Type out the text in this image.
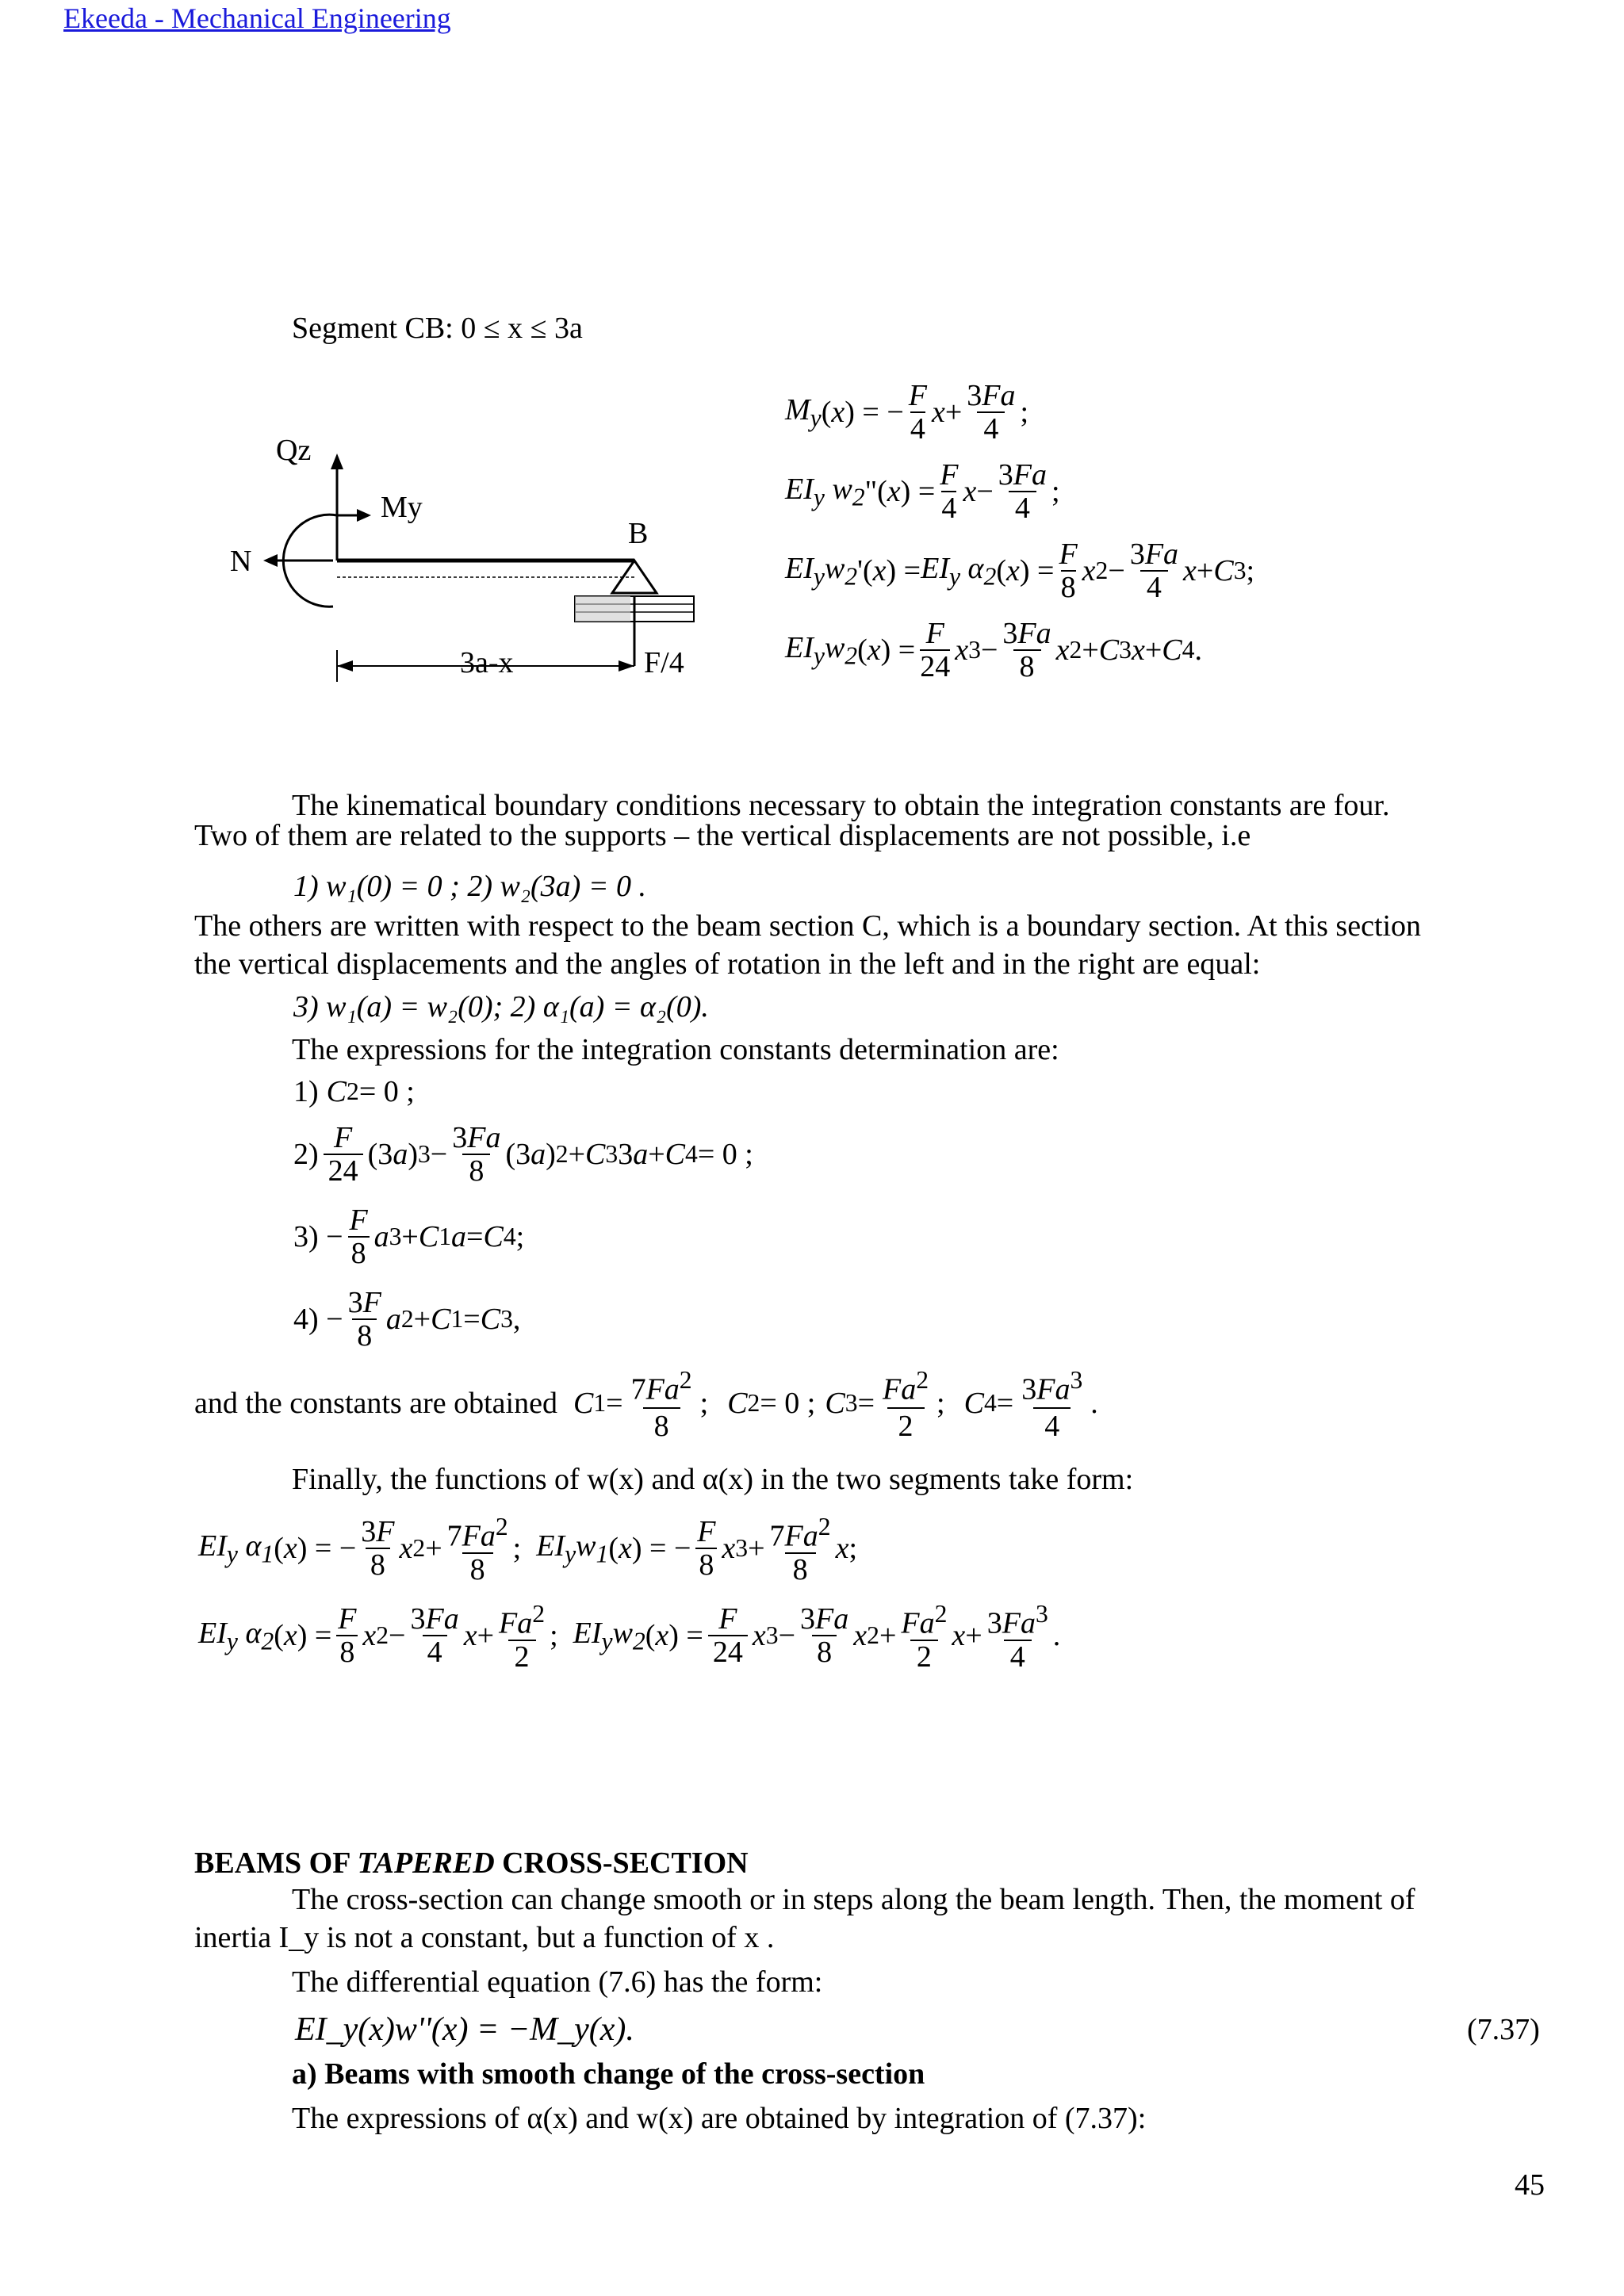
Ekeeda - Mechanical Engineering
Segment CB: 0 ≤ x ≤ 3a
Qz
My
N
B
3a-x	F/4
$M_y$ ( x ) = − F
4 x + 3Fa
4 ;
$EI_y$ $w_2$ "( x ) = F
4 x − 3Fa
4 ;
$EI_yw_2$ '( x ) = $EI_y$ $\alpha_2$ ( x ) = F
8 x 2 − 3Fa
4 x + C 3 ;
$EI_yw_2$ ( x ) = F
24 x 3 − 3Fa
8 x 2 + C 3 x + C 4 .
The kinematical boundary conditions necessary to obtain the integration constants are four.
Two of them are related to the supports – the vertical displacements are not possible, i.e
1) w₁(0) = 0 ; 2) w₂(3a) = 0 .
The others are written with respect to the beam section C, which is a boundary section. At this section
the vertical displacements and the angles of rotation in the left and in the right are equal:
3) w₁(a) = w₂(0); 2) α₁(a) = α₂(0).
The expressions for the integration constants determination are:
1) C 2 = 0 ;
2) F
24 (3 a ) 3 − 3Fa
8 (3 a ) 2 + C 3 3 a + C 4 = 0 ;
3) − F
8 a 3 + C 1 a = C 4 ;
4) − 3F
8 a 2 + C 1 = C 3 ,
and the constants are obtained C $1 = 7Fa^2$
8
; C 2 = 0 ; C $3 = Fa^2$
2
; C $4 = 3Fa^3$
4
.
Finally, the functions of w(x) and α(x) in the two segments take form:
$EI_y$ $\alpha_1$ ( x ) = − 3F
8 x $2 + 7Fa^2$
8
; $EI_yw_1$ ( x ) = − F
8 x $3 + 7Fa^2$
8
x ;
$EI_y$ $\alpha_2$ ( x ) = F
8 x 2 − 3Fa
4 $x + Fa^2$
2
; $EI_yw_2$ ( x ) = F
24 x 3 − 3Fa
8 x $2 + Fa^2$
2
$x + 3Fa^3$
4
.
BEAMS OF TAPERED CROSS-SECTION
The cross-section can change smooth or in steps along the beam length. Then, the moment of
inertia I_y is not a constant, but a function of x .
The differential equation (7.6) has the form:
EI_y(x)w''(x) = −M_y(x).	(7.37)
a) Beams with smooth change of the cross-section
The expressions of α(x) and w(x) are obtained by integration of (7.37):
45
